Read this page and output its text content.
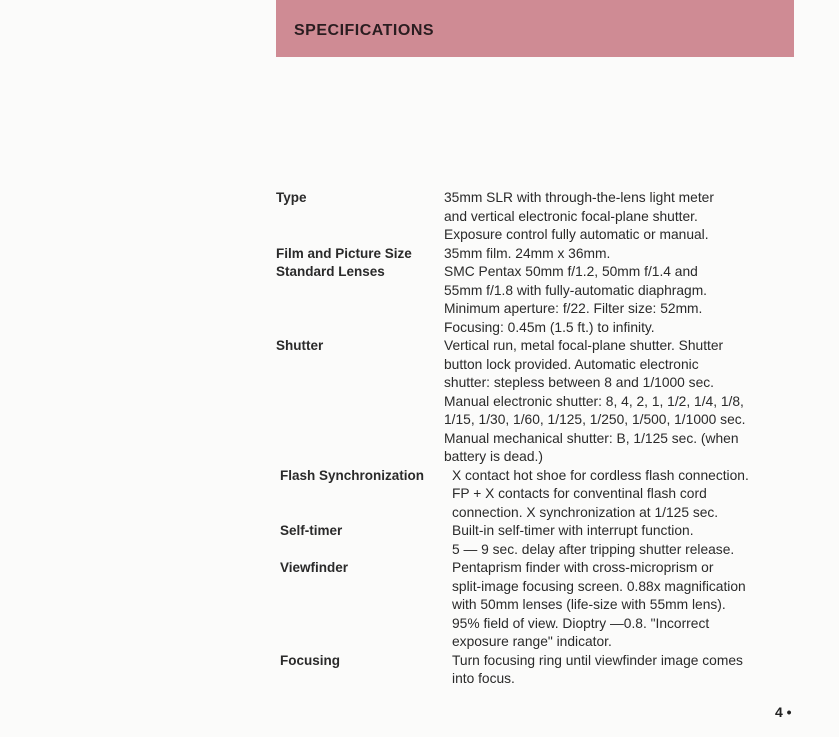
SPECIFICATIONS
Type	35mm SLR with through-the-lens light meter
and vertical electronic focal-plane shutter.
Exposure control fully automatic or manual.
Film and Picture Size	35mm film. 24mm x 36mm.
Standard Lenses	SMC Pentax 50mm f/1.2, 50mm f/1.4 and
55mm f/1.8 with fully-automatic diaphragm.
Minimum aperture: f/22. Filter size: 52mm.
Focusing: 0.45m (1.5 ft.) to infinity.
Shutter	Vertical run, metal focal-plane shutter. Shutter
button lock provided. Automatic electronic
shutter: stepless between 8 and 1/1000 sec.
Manual electronic shutter: 8, 4, 2, 1, 1/2, 1/4, 1/8,
1/15, 1/30, 1/60, 1/125, 1/250, 1/500, 1/1000 sec.
Manual mechanical shutter: B, 1/125 sec. (when
battery is dead.)
Flash Synchronization	X contact hot shoe for cordless flash connection.
FP + X contacts for conventinal flash cord
connection. X synchronization at 1/125 sec.
Self-timer	Built-in self-timer with interrupt function.
5 — 9 sec. delay after tripping shutter release.
Viewfinder	Pentaprism finder with cross-microprism or
split-image focusing screen. 0.88x magnification
with 50mm lenses (life-size with 55mm lens).
95% field of view. Dioptry —0.8. "Incorrect
exposure range" indicator.
Focusing	Turn focusing ring until viewfinder image comes
into focus.
4 •
